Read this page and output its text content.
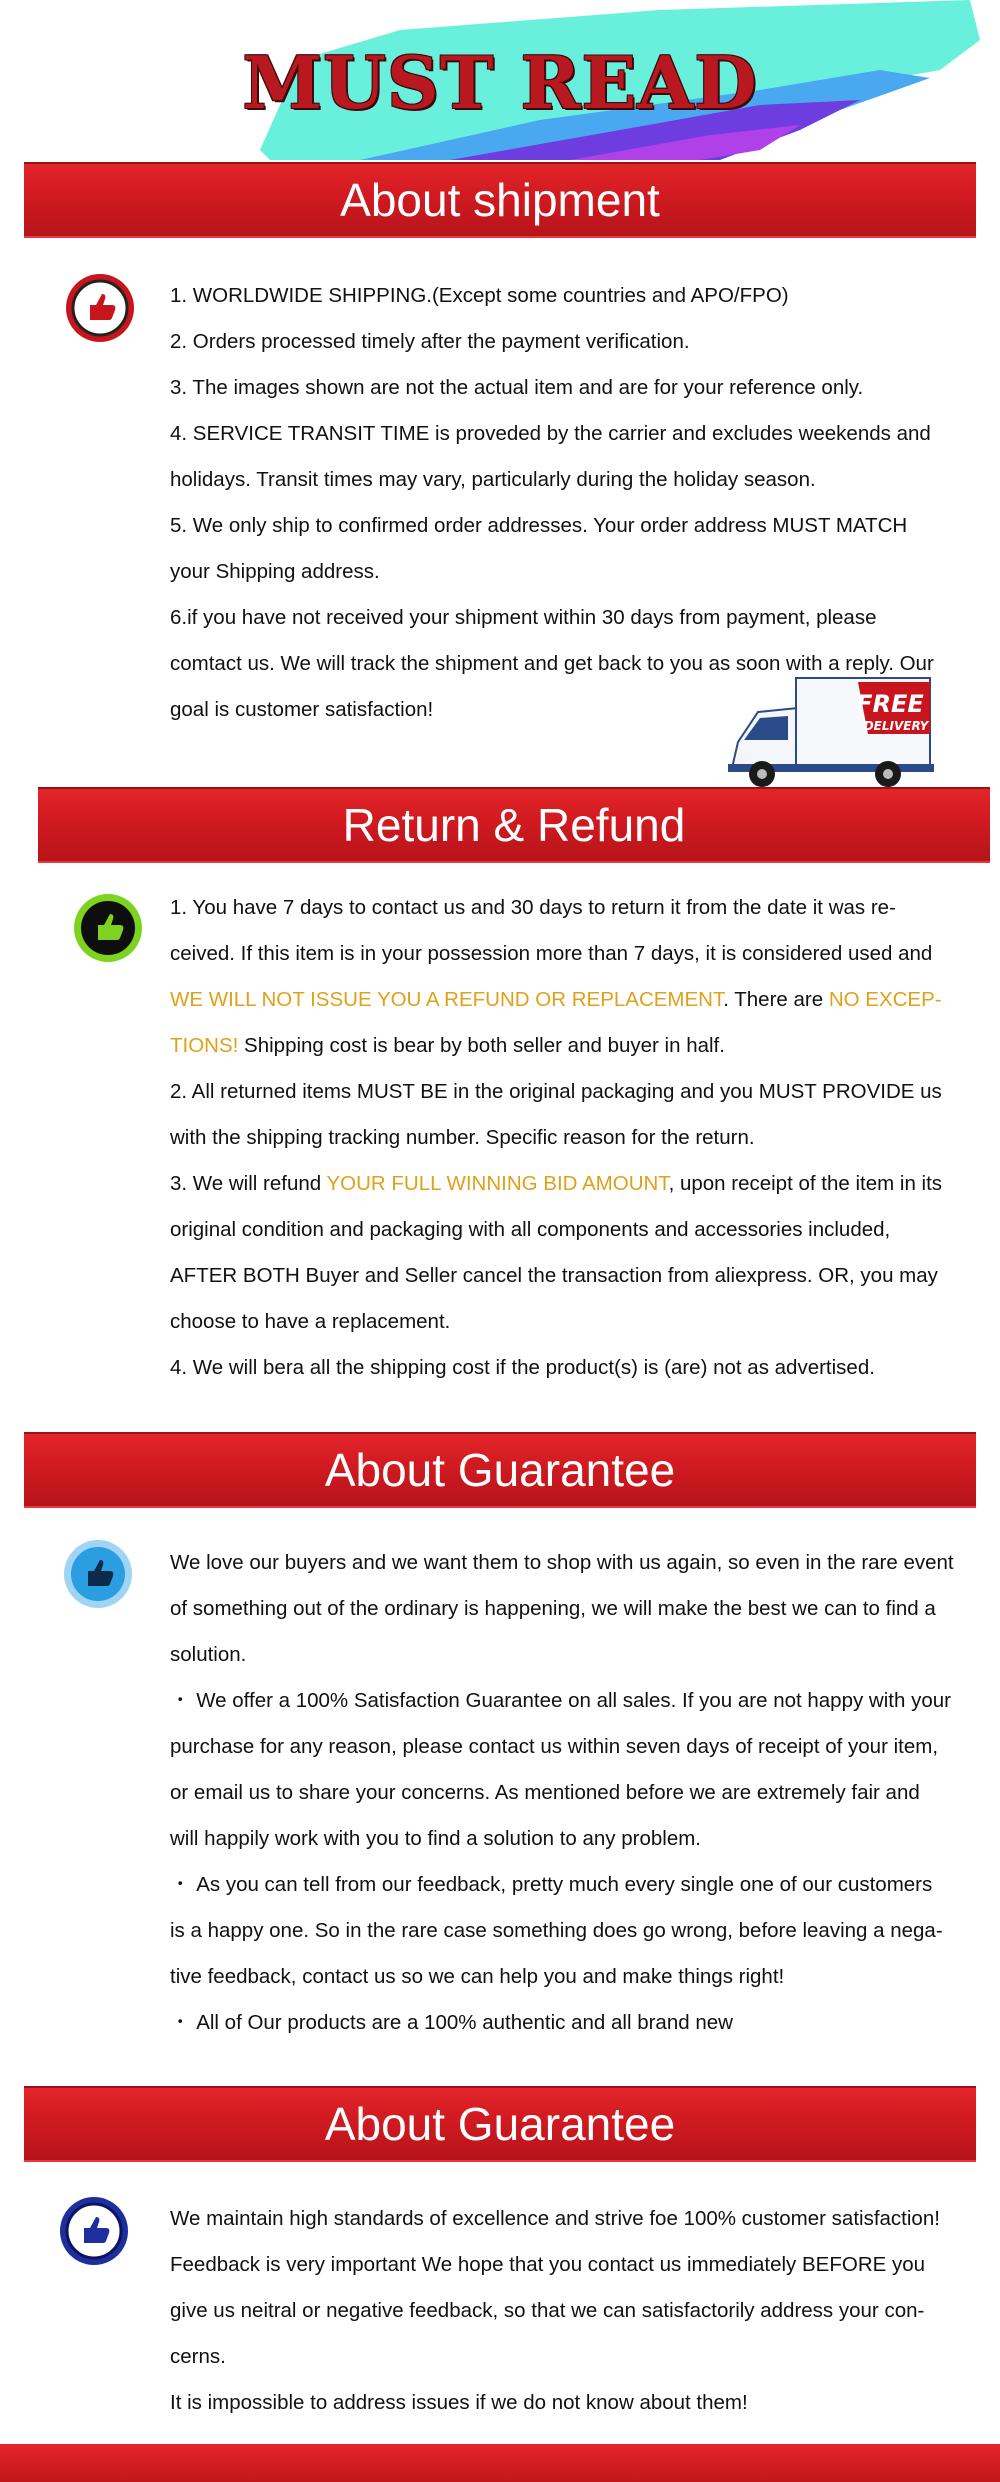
MUST READ
About shipment

1. WORLDWIDE SHIPPING.(Except some countries and APO/FPO)

2. Orders processed timely after the payment verification.

3. The images shown are not the actual item and are for your reference only.

4. SERVICE TRANSIT TIME is proveded by the carrier and excludes weekends and

holidays. Transit times may vary, particularly during the holiday season.

5. We only ship to confirmed order addresses. Your order address MUST MATCH

your Shipping address.

6.if you have not received your shipment within 30 days from payment, please

comtact us. We will track the shipment and get back to you as soon with a reply. Our

goal is customer satisfaction!	FREE
DELIVERY
Return & Refund

1. You have 7 days to contact us and 30 days to return it from the date it was re-

ceived. If this item is in your possession more than 7 days, it is considered used and

WE WILL NOT ISSUE YOU A REFUND OR REPLACEMENT. There are NO EXCEP-

TIONS! Shipping cost is bear by both seller and buyer in half.

2. All returned items MUST BE in the original packaging and you MUST PROVIDE us

with the shipping tracking number. Specific reason for the return.

3. We will refund YOUR FULL WINNING BID AMOUNT, upon receipt of the item in its

original condition and packaging with all components and accessories included,

AFTER BOTH Buyer and Seller cancel the transaction from aliexpress. OR, you may

choose to have a replacement.

4. We will bera all the shipping cost if the product(s) is (are) not as advertised.

About Guarantee

We love our buyers and we want them to shop with us again, so even in the rare event

of something out of the ordinary is happening, we will make the best we can to find a

solution.

・ We offer a 100% Satisfaction Guarantee on all sales. If you are not happy with your

purchase for any reason, please contact us within seven days of receipt of your item,

or email us to share your concerns. As mentioned before we are extremely fair and

will happily work with you to find a solution to any problem.

・ As you can tell from our feedback, pretty much every single one of our customers

is a happy one. So in the rare case something does go wrong, before leaving a nega-

tive feedback, contact us so we can help you and make things right!

・ All of Our products are a 100% authentic and all brand new

About Guarantee

We maintain high standards of excellence and strive foe 100% customer satisfaction!

Feedback is very important We hope that you contact us immediately BEFORE you

give us neitral or negative feedback, so that we can satisfactorily address your con-

cerns.

It is impossible to address issues if we do not know about them!
